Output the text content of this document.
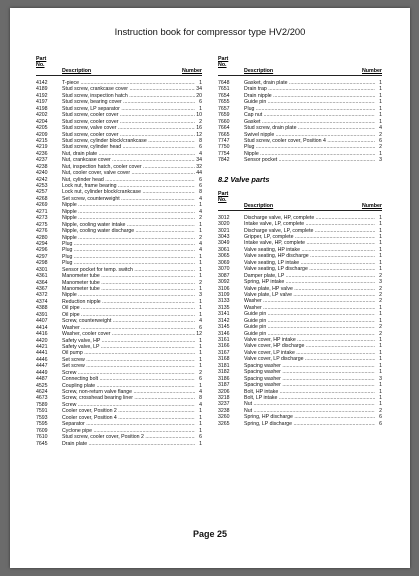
Instruction book for compressor type HV2/200
Part
No.
Description	Number
4142	T-piece .....	1
4189	Stud screw, crankcase cover .....	34
4192	Stud screw, inspection hatch .....	20
4197	Stud screw, bearing cover .....	6
4198	Stud screw, LP separator .....	1
4202	Stud screw, cooler cover .....	10
4204	Stud screw, cooler cover .....	2
4205	Stud screw, valve cover .....	16
4209	Stud screw, cooler cover .....	12
4215	Stud screw, cylinder block/crankcase .....	8
4219	Stud screw, cylinder head .....	6
4236	Nut, drain plate .....	4
4237	Nut, crankcase cover .....	34
4238	Nut, inspection hatch, cooler cover .....	32
4240	Nut, cooler cover, valve cover .....	44
4242	Nut, cylinder head .....	6
4253	Lock nut, frame bearing .....	6
4257	Lock nut, cylinder block/crankcase .....	8
4268	Set screw, counterweight .....	4
4269	Nipple .....	1
4271	Nipple .....	4
4273	Nipple .....	2
4275	Nipple, cooling water intake .....	1
4276	Nipple, cooling water discharge .....	1
4280	Nipple .....	2
4294	Plug .....	4
4296	Plug .....	4
4297	Plug .....	1
4298	Plug .....	1
4301	Sensor pocket for temp. switch .....	1
4361	Manometer tube .....	1
4364	Manometer tube .....	2
4367	Manometer tube .....	1
4372	Nipple .....	3
4374	Reduction nipple .....	1
4388	Oil pipe .....	1
4391	Oil pipe .....	1
4407	Screw, counterweight .....	4
4414	Washer .....	6
4416	Washer, cooler cover .....	12
4420	Safety valve, HP .....	1
4421	Safety valve, LP .....	1
4441	Oil pump .....	1
4446	Set screw .....	1
4447	Set screw .....	1
4449	Screw .....	2
4487	Connecting bolt .....	6
4525	Coupling plate .....	1
4624	Screw, non-return valve flange .....	4
4673	Screw, crosshead bearing liner .....	8
7589	Screw .....	4
7591	Cooler cover, Position 2 .....	1
7593	Cooler cover, Position 4 .....	1
7595	Separator .....	1
7609	Cyclone pipe .....	1
7610	Stud screw, cooler cover, Position 2 .....	6
7645	Drain plate .....	1
Part
No.
Description	Number
7648	Gasket, drain plate .....	1
7651	Drain trap .....	1
7654	Drain nipple .....	1
7655	Guide pin .....	1
7657	Plug .....	1
7659	Cap nut .....	1
7660	Gasket .....	1
7664	Stud screw, drain plate .....	4
7665	Swivel nipple .....	2
7747	Stud screw, cooler cover, Position 4 .....	6
7750	Plug .....	2
7754	Nipple .....	1
7842	Sensor pocket .....	3
8.2 Valve parts
Part
No.
Description	Number
3012	Discharge valve, HP, complete .....	1
3020	Intake valve, LP, complete .....	1
3021	Discharge valve, LP, complete .....	1
3043	Gripper, LP, complete .....	1
3049	Intake valve, HP, complete .....	1
3061	Valve seating, HP intake .....	1
3065	Valve seating, HP discharge .....	1
3069	Valve seating, LP intake .....	1
3070	Valve seating, LP discharge .....	1
3087	Damper plate, LP .....	2
3092	Spring, HP intake .....	3
3106	Valve plate, HP valve .....	2
3109	Valve plate, LP valve .....	2
3133	Washer .....	2
3135	Washer .....	1
3141	Guide pin .....	1
3142	Guide pin .....	1
3145	Guide pin .....	2
3146	Guide pin .....	2
3161	Valve cover, HP intake .....	1
3166	Valve cover, HP discharge .....	1
3167	Valve cover, LP intake .....	1
3168	Valve cover, LP discharge .....	1
3181	Spacing washer .....	1
3182	Spacing washer .....	1
3186	Spacing washer .....	3
3187	Spacing washer .....	1
3206	Bolt, HP intake .....	1
3218	Bolt, LP intake .....	1
3237	Nut .....	1
3238	Nut .....	2
3260	Spring, HP discharge .....	6
3265	Spring, LP discharge .....	6
Page 25
